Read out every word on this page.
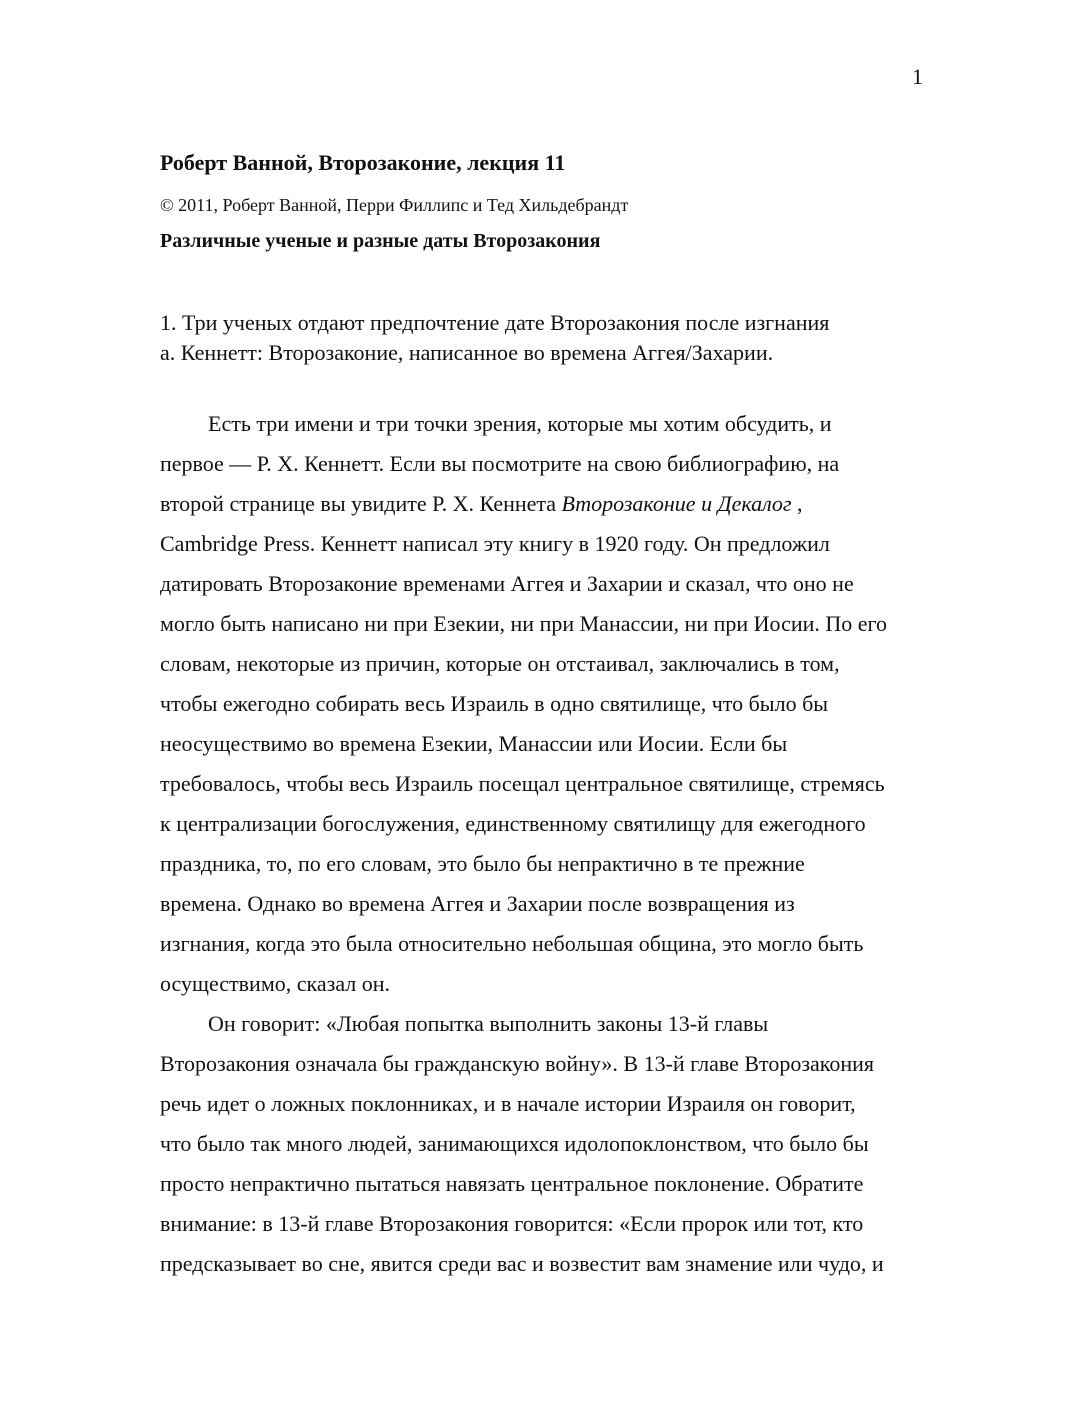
1
Роберт Ванной, Второзаконие, лекция 11
© 2011, Роберт Ванной, Перри Филлипс и Тед Хильдебрандт
Различные ученые и разные даты Второзакония
1. Три ученых отдают предпочтение дате Второзакония после изгнания
а. Кеннетт: Второзаконие, написанное во времена Аггея/Захарии.
Есть три имени и три точки зрения, которые мы хотим обсудить, и
первое — Р. Х. Кеннетт. Если вы посмотрите на свою библиографию, на
второй странице вы увидите Р. Х. Кеннета Второзаконие и Декалог ,
Cambridge Press. Кеннетт написал эту книгу в 1920 году. Он предложил
датировать Второзаконие временами Аггея и Захарии и сказал, что оно не
могло быть написано ни при Езекии, ни при Манассии, ни при Иосии. По его
словам, некоторые из причин, которые он отстаивал, заключались в том,
чтобы ежегодно собирать весь Израиль в одно святилище, что было бы
неосуществимо во времена Езекии, Манассии или Иосии. Если бы
требовалось, чтобы весь Израиль посещал центральное святилище, стремясь
к централизации богослужения, единственному святилищу для ежегодного
праздника, то, по его словам, это было бы непрактично в те прежние
времена. Однако во времена Аггея и Захарии после возвращения из
изгнания, когда это была относительно небольшая община, это могло быть
осуществимо, сказал он.
Он говорит: «Любая попытка выполнить законы 13-й главы
Второзакония означала бы гражданскую войну». В 13-й главе Второзакония
речь идет о ложных поклонниках, и в начале истории Израиля он говорит,
что было так много людей, занимающихся идолопоклонством, что было бы
просто непрактично пытаться навязать центральное поклонение. Обратите
внимание: в 13-й главе Второзакония говорится: «Если пророк или тот, кто
предсказывает во сне, явится среди вас и возвестит вам знамение или чудо, и
